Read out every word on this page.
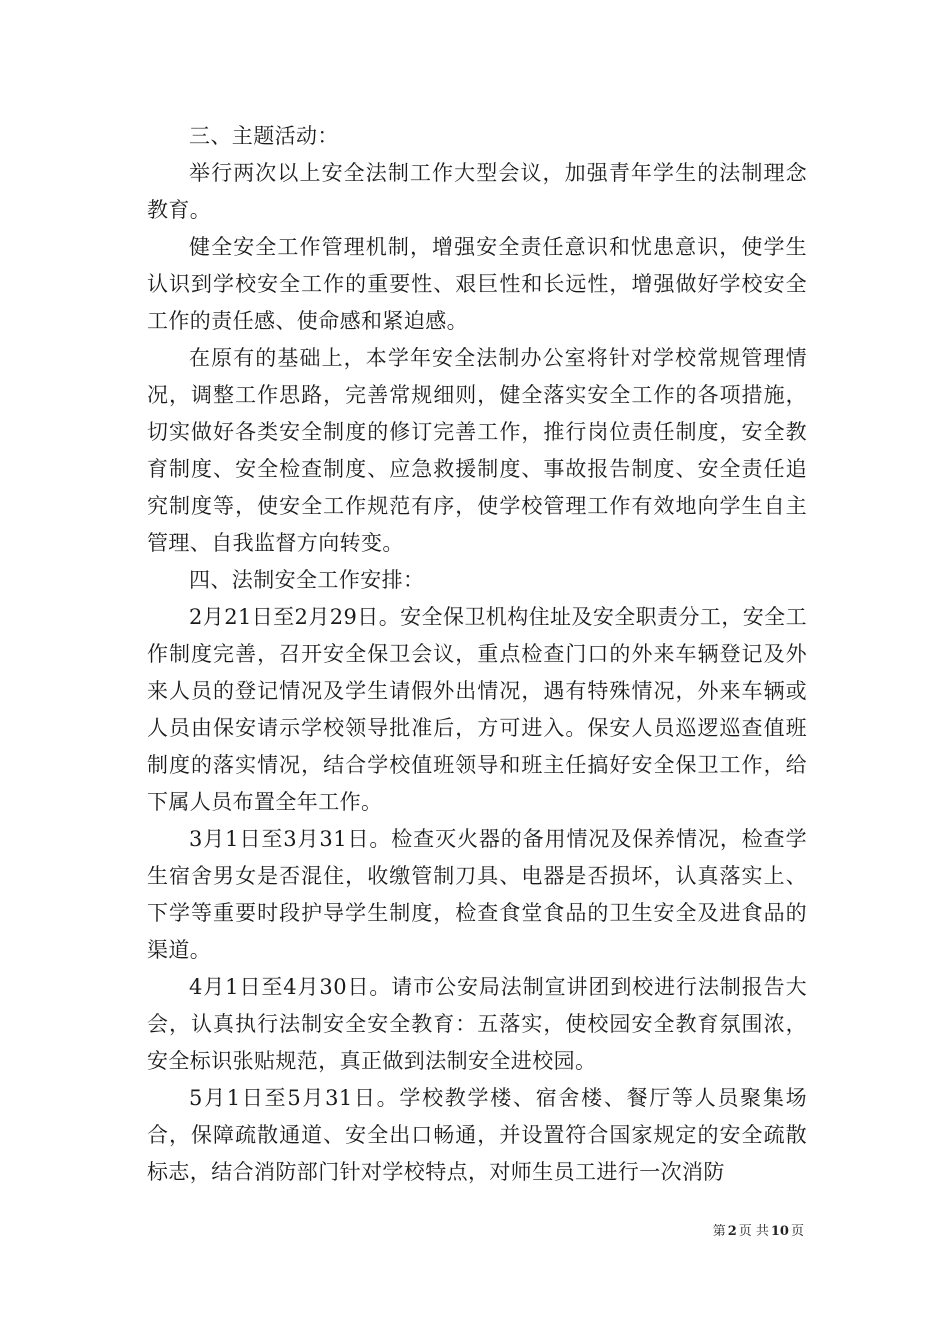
三、主题活动：

举行两次以上安全法制工作大型会议，加强青年学生的法制理念教育。

健全安全工作管理机制，增强安全责任意识和忧患意识，使学生认识到学校安全工作的重要性、艰巨性和长远性，增强做好学校安全工作的责任感、使命感和紧迫感。

在原有的基础上，本学年安全法制办公室将针对学校常规管理情况，调整工作思路，完善常规细则，健全落实安全工作的各项措施，切实做好各类安全制度的修订完善工作，推行岗位责任制度，安全教育制度、安全检查制度、应急救援制度、事故报告制度、安全责任追究制度等，使安全工作规范有序，使学校管理工作有效地向学生自主管理、自我监督方向转变。

四、法制安全工作安排：

2月21日至2月29日。安全保卫机构住址及安全职责分工，安全工作制度完善，召开安全保卫会议，重点检查门口的外来车辆登记及外来人员的登记情况及学生请假外出情况，遇有特殊情况，外来车辆或人员由保安请示学校领导批准后，方可进入。保安人员巡逻巡查值班制度的落实情况，结合学校值班领导和班主任搞好安全保卫工作，给下属人员布置全年工作。

3月1日至3月31日。检查灭火器的备用情况及保养情况，检查学生宿舍男女是否混住，收缴管制刀具、电器是否损坏，认真落实上、下学等重要时段护导学生制度，检查食堂食品的卫生安全及进食品的渠道。

4月1日至4月30日。请市公安局法制宣讲团到校进行法制报告大会，认真执行法制安全安全教育：五落实，使校园安全教育氛围浓，安全标识张贴规范，真正做到法制安全进校园。

5月1日至5月31日。学校教学楼、宿舍楼、餐厅等人员聚集场合，保障疏散通道、安全出口畅通，并设置符合国家规定的安全疏散标志，结合消防部门针对学校特点，对师生员工进行一次消防

第 2 页 共 10 页
